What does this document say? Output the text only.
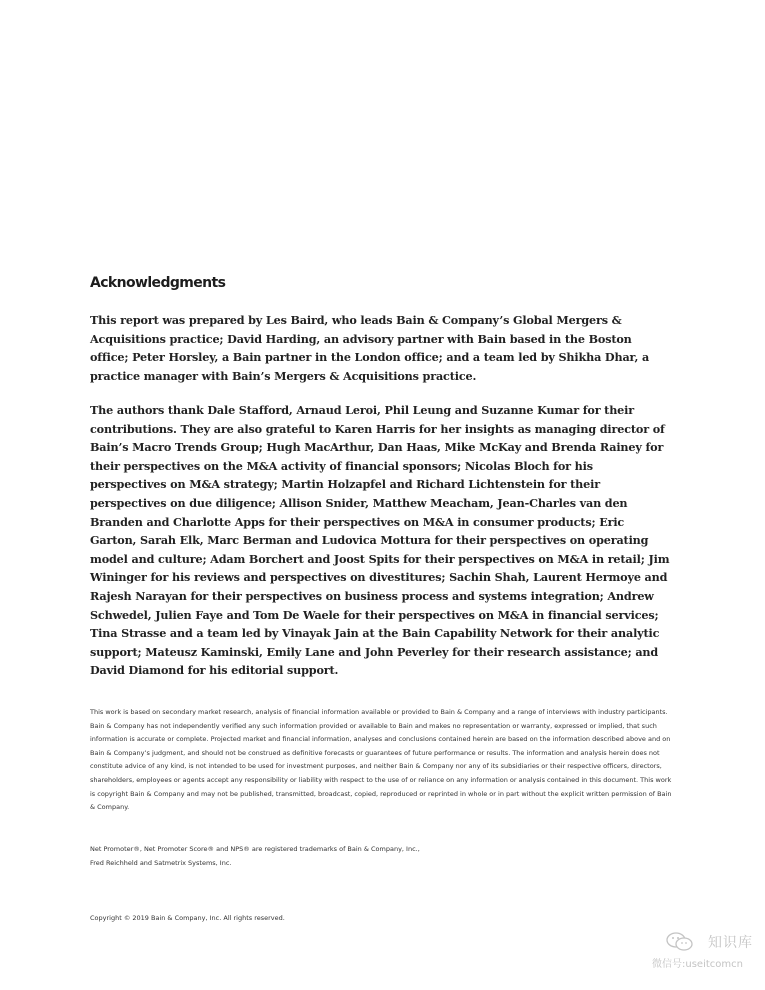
Acknowledgments

This report was prepared by Les Baird, who leads Bain & Company’s Global Mergers & Acquisitions practice; David Harding, an advisory partner with Bain based in the Boston office; Peter Horsley, a Bain partner in the London office; and a team led by Shikha Dhar, a practice manager with Bain’s Mergers & Acquisitions practice.

The authors thank Dale Stafford, Arnaud Leroi, Phil Leung and Suzanne Kumar for their contributions. They are also grateful to Karen Harris for her insights as managing director of Bain’s Macro Trends Group; Hugh MacArthur, Dan Haas, Mike McKay and Brenda Rainey for their perspectives on the M&A activity of financial sponsors; Nicolas Bloch for his perspectives on M&A strategy; Martin Holzapfel and Richard Lichtenstein for their perspectives on due diligence; Allison Snider, Matthew Meacham, Jean-Charles van den Branden and Charlotte Apps for their perspectives on M&A in consumer products; Eric Garton, Sarah Elk, Marc Berman and Ludovica Mottura for their perspectives on operating model and culture; Adam Borchert and Joost Spits for their perspectives on M&A in retail; Jim Wininger for his reviews and perspectives on divestitures; Sachin Shah, Laurent Hermoye and Rajesh Narayan for their perspectives on business process and systems integration; Andrew Schwedel, Julien Faye and Tom De Waele for their perspectives on M&A in financial services; Tina Strasse and a team led by Vinayak Jain at the Bain Capability Network for their analytic support; Mateusz Kaminski, Emily Lane and John Peverley for their research assistance; and David Diamond for his editorial support.

This work is based on secondary market research, analysis of financial information available or provided to Bain & Company and a range of interviews with industry participants. Bain & Company has not independently verified any such information provided or available to Bain and makes no representation or warranty, expressed or implied, that such information is accurate or complete. Projected market and financial information, analyses and conclusions contained herein are based on the information described above and on Bain & Company’s judgment, and should not be construed as definitive forecasts or guarantees of future performance or results. The information and analysis herein does not constitute advice of any kind, is not intended to be used for investment purposes, and neither Bain & Company nor any of its subsidiaries or their respective officers, directors, shareholders, employees or agents accept any responsibility or liability with respect to the use of or reliance on any information or analysis contained in this document. This work is copyright Bain & Company and may not be published, transmitted, broadcast, copied, reproduced or reprinted in whole or in part without the explicit written permission of Bain & Company.

Net Promoter®, Net Promoter Score® and NPS® are registered trademarks of Bain & Company, Inc.,
Fred Reichheld and Satmetrix Systems, Inc.

Copyright © 2019 Bain & Company, Inc. All rights reserved.

知识库
微信号:useitcomcn
